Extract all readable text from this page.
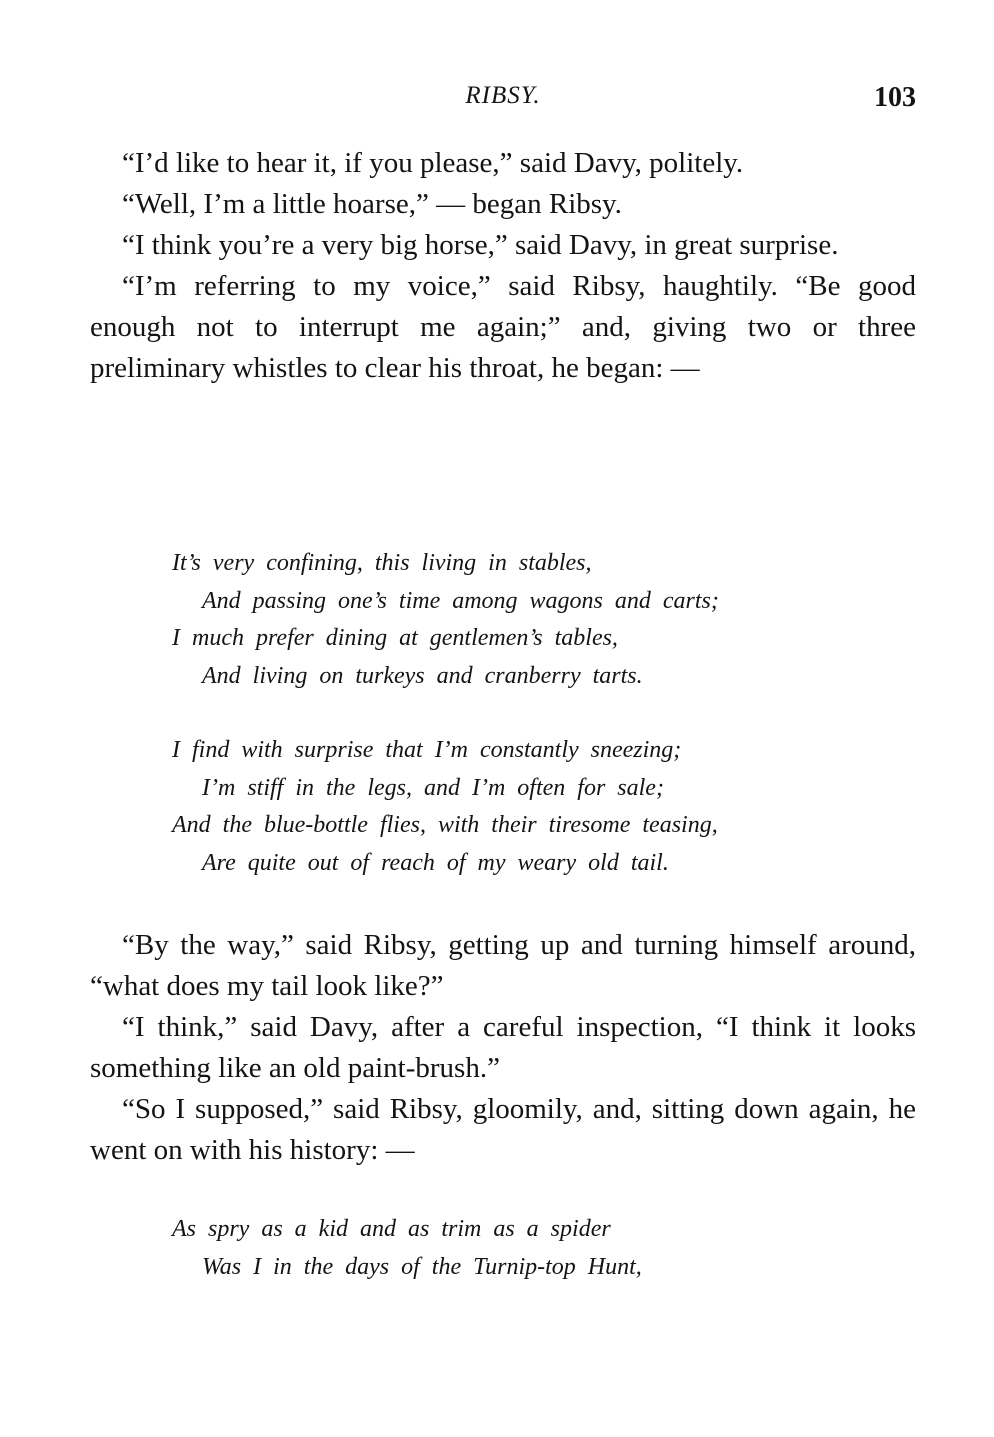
RIBSY.	103

“I’d like to hear it, if you please,” said Davy, politely.

“Well, I’m a little hoarse,” — began Ribsy.

“I think you’re a very big horse,” said Davy, in great surprise.

“I’m referring to my voice,” said Ribsy, haughtily. “Be good enough not to interrupt me again;” and, giving two or three preliminary whistles to clear his throat, he began: —

It’s very confining, this living in stables,
And passing one’s time among wagons and carts;
I much prefer dining at gentlemen’s tables,
And living on turkeys and cranberry tarts.
I find with surprise that I’m constantly sneezing;
I’m stiff in the legs, and I’m often for sale;
And the blue-bottle flies, with their tiresome teasing,
Are quite out of reach of my weary old tail.

“By the way,” said Ribsy, getting up and turning himself around, “what does my tail look like?”

“I think,” said Davy, after a careful inspection, “I think it looks something like an old paint-brush.”

“So I supposed,” said Ribsy, gloomily, and, sitting down again, he went on with his history: —

As spry as a kid and as trim as a spider
Was I in the days of the Turnip-top Hunt,
